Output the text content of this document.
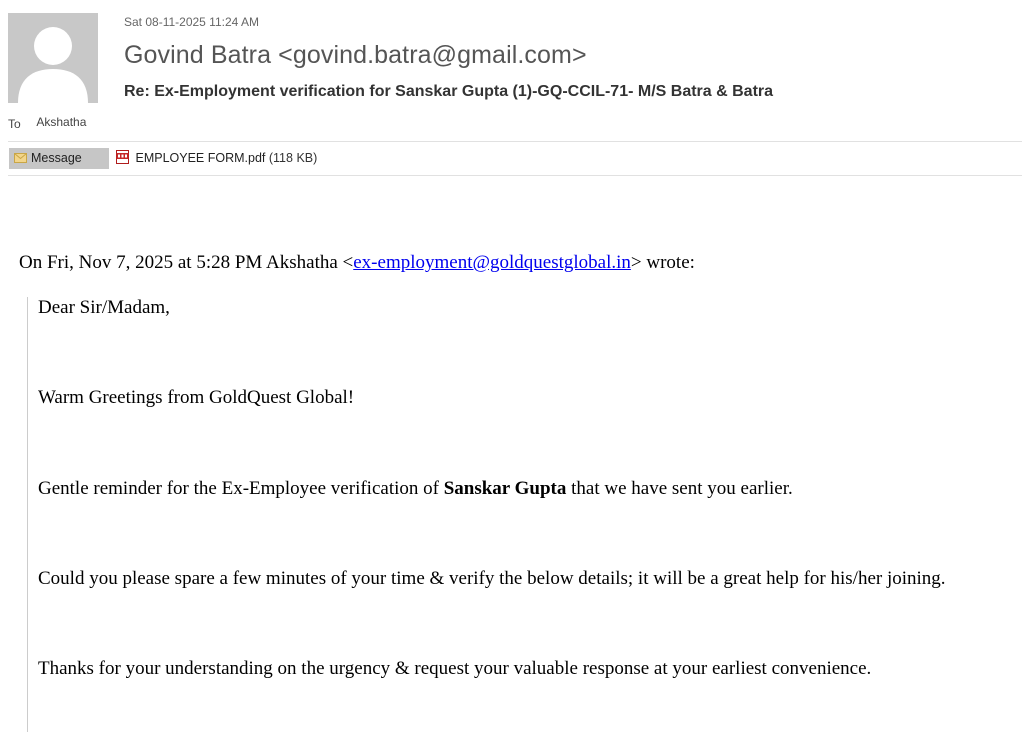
Sat 08-11-2025 11:24 AM
Govind Batra <govind.batra@gmail.com>
Re: Ex-Employment verification for Sanskar Gupta (1)-GQ-CCIL-71- M/S Batra & Batra
To Akshatha
Message	EMPLOYEE FORM.pdf (118 KB)
On Fri, Nov 7, 2025 at 5:28 PM Akshatha <ex-employment@goldquestglobal.in> wrote:
Dear Sir/Madam,
Warm Greetings from GoldQuest Global!
Gentle reminder for the Ex-Employee verification of Sanskar Gupta that we have sent you earlier.
Could you please spare a few minutes of your time & verify the below details; it will be a great help for his/her joining.
Thanks for your understanding on the urgency & request your valuable response at your earliest convenience.
